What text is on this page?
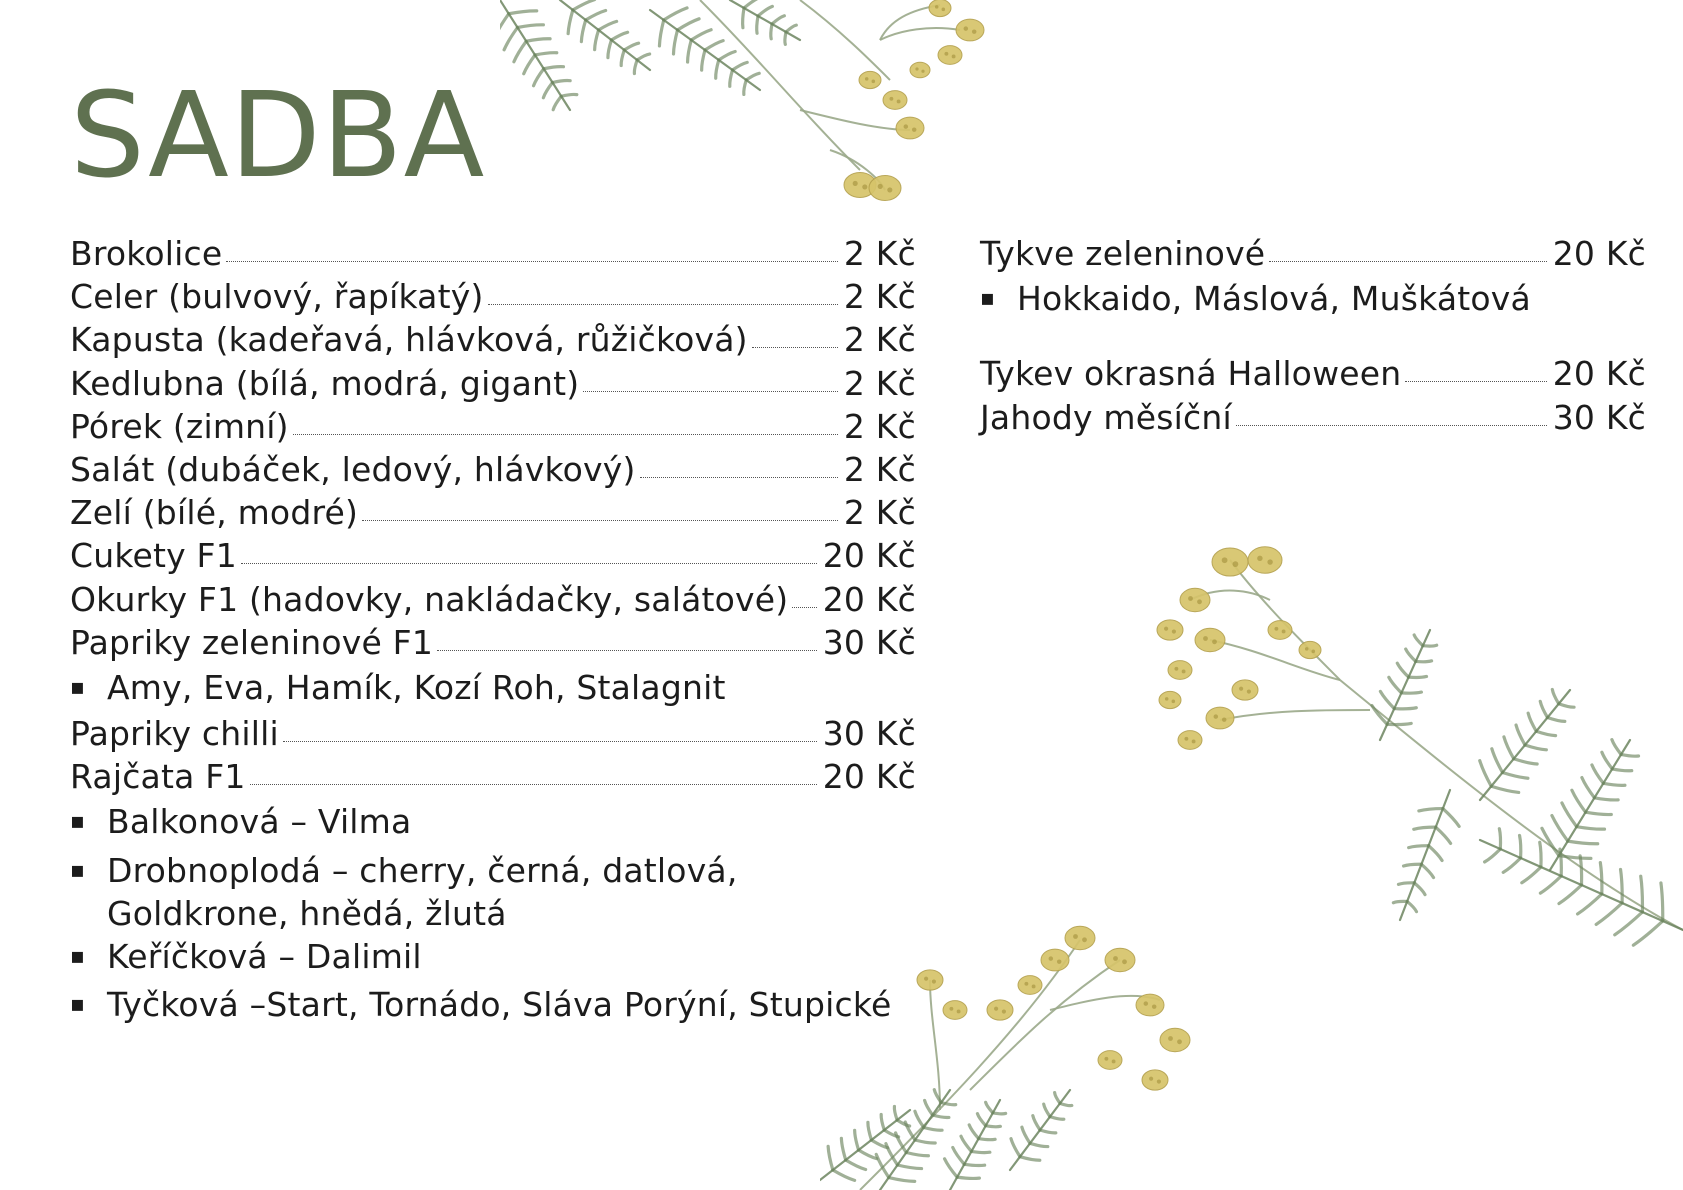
SADBA
Brokolice	2 Kč
Celer (bulvový, řapíkatý)	2 Kč
Kapusta (kadeřavá, hlávková, růžičková)	2 Kč
Kedlubna (bílá, modrá, gigant)	2 Kč
Pórek (zimní)	2 Kč
Salát (dubáček, ledový, hlávkový)	2 Kč
Zelí (bílé, modré)	2 Kč
Cukety F1	20 Kč
Okurky F1 (hadovky, nakládačky, salátové) 20 Kč
Papriky zeleninové F1	30 Kč
▪ Amy, Eva, Hamík, Kozí Roh, Stalagnit
Papriky chilli	30 Kč
Rajčata F1	20 Kč
▪ Balkonová – Vilma
▪ Drobnoplodá – cherry, černá, datlová, Goldkrone, hnědá, žlutá
▪ Keříčková – Dalimil
▪ Tyčková –Start, Tornádo, Sláva Porýní, Stupické
Tykve zeleninové	20 Kč
▪ Hokkaido, Máslová, Muškátová
Tykev okrasná Halloween	20 Kč
Jahody měsíční	30 Kč
